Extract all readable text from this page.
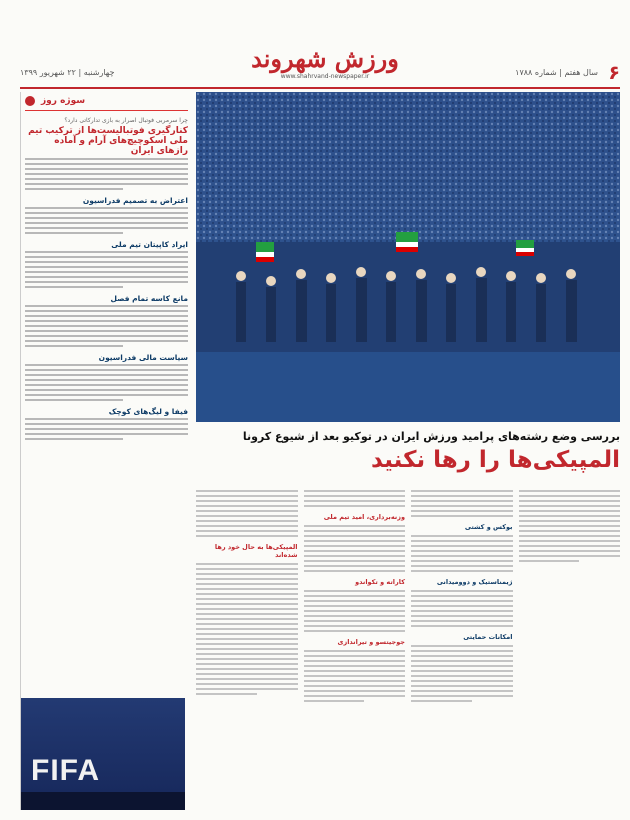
۶
سال هفتم | شماره ۱۷۸۸
ورزش شهروند
www.shahrvand-newspaper.ir
چهارشنبه | ۲۲ شهریور ۱۳۹۹
سوژه روز
چرا سرمربی فوتبال اصرار به بازی تدارکاتی دارد؟
کنارگیری فوتبالیست‌ها از ترکیب تیم ملی اسکوچیچ‌های آرام و آماده رازهای ایران
اعتراض به تصمیم فدراسیون
ایراد کاپیتان تیم ملی
مانع کاسه تمام فصل
سیاست مالی فدراسیون
فیفا و لیگ‌های کوچک
FIFA
بررسی وضع رشته‌های پرامید ورزش ایران در توکیو بعد از شیوع کرونا
المپیکی‌ها را رها نکنید
بوکس و کشتی
ژیمناستیک و دوومیدانی
امکانات حمایتی
وزنه‌برداری، امید تیم ملی
کاراته و تکواندو
جوجیتسو و تیراندازی
المپیکی‌ها به حال خود رها شده‌اند
